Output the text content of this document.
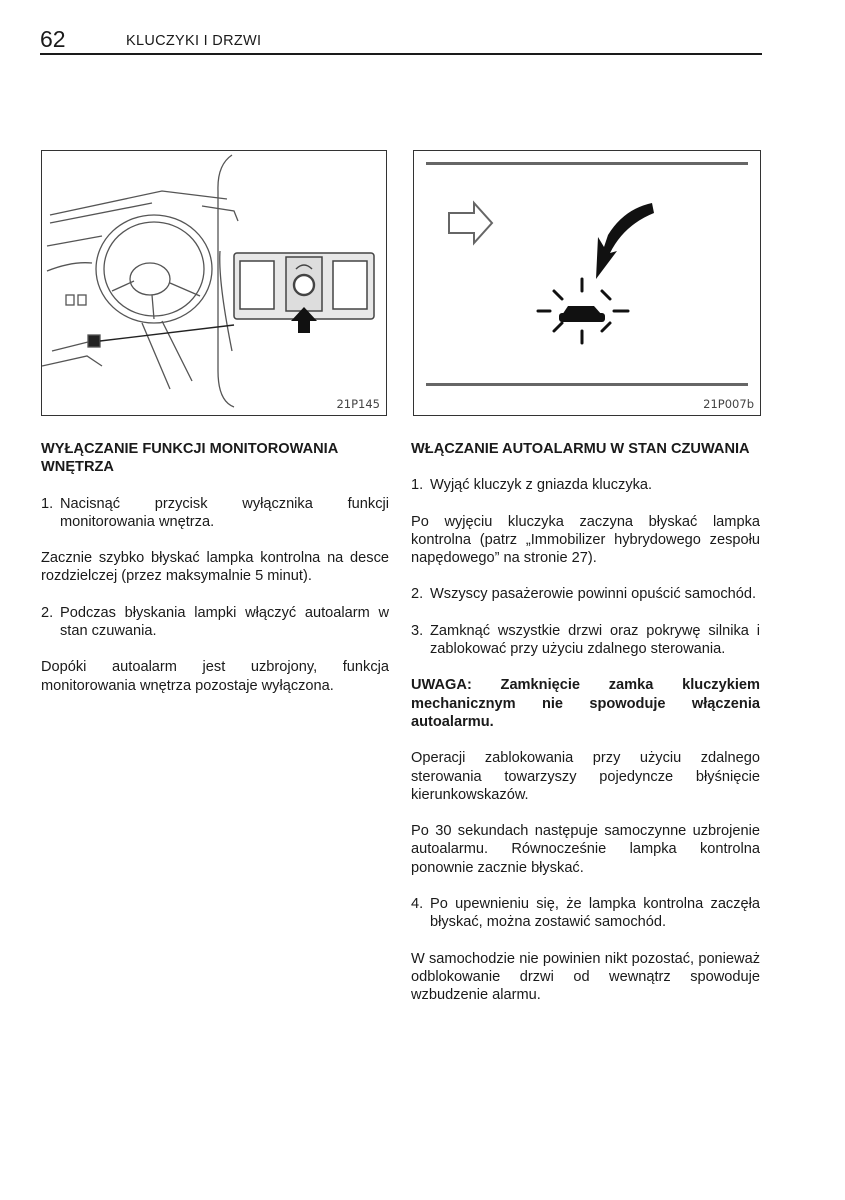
62	KLUCZYKI I DRZWI
21P145	21P007b
WYŁĄCZANIE FUNKCJI MONITOROWANIA WNĘTRZA
1. Nacisnąć przycisk wyłącznika funkcji monitorowania wnętrza.

Zacznie szybko błyskać lampka kontrolna na desce rozdzielczej (przez maksymalnie 5 minut).

2. Podczas błyskania lampki włączyć autoalarm w stan czuwania.

Dopóki autoalarm jest uzbrojony, funkcja monitorowania wnętrza pozostaje wyłączona.

WŁĄCZANIE AUTOALARMU W STAN CZUWANIA
1. Wyjąć kluczyk z gniazda kluczyka.

Po wyjęciu kluczyka zaczyna błyskać lampka kontrolna (patrz „Immobilizer hybrydowego zespołu napędowego” na stronie 27).

2. Wszyscy pasażerowie powinni opuścić samochód.
3. Zamknąć wszystkie drzwi oraz pokrywę silnika i zablokować przy użyciu zdalnego sterowania.

UWAGA: Zamknięcie zamka kluczykiem mechanicznym nie spowoduje włączenia autoalarmu.

Operacji zablokowania przy użyciu zdalnego sterowania towarzyszy pojedyncze błyśnięcie kierunkowskazów.

Po 30 sekundach następuje samoczynne uzbrojenie autoalarmu. Równocześnie lampka kontrolna ponownie zacznie błyskać.

4. Po upewnieniu się, że lampka kontrolna zaczęła błyskać, można zostawić samochód.

W samochodzie nie powinien nikt pozostać, ponieważ odblokowanie drzwi od wewnątrz spowoduje wzbudzenie alarmu.
